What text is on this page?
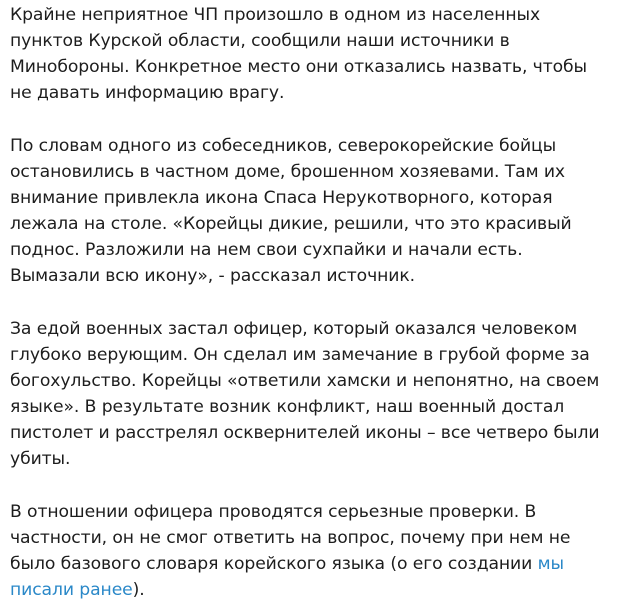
Крайне неприятное ЧП произошло в одном из населенных
пунктов Курской области, сообщили наши источники в
Минобороны. Конкретное место они отказались назвать, чтобы
не давать информацию врагу.
По словам одного из собеседников, северокорейские бойцы
остановились в частном доме, брошенном хозяевами. Там их
внимание привлекла икона Спаса Нерукотворного, которая
лежала на столе. «Корейцы дикие, решили, что это красивый
поднос. Разложили на нем свои сухпайки и начали есть.
Вымазали всю икону», - рассказал источник.
За едой военных застал офицер, который оказался человеком
глубоко верующим. Он сделал им замечание в грубой форме за
богохульство. Корейцы «ответили хамски и непонятно, на своем
языке». В результате возник конфликт, наш военный достал
пистолет и расстрелял осквернителей иконы – все четверо были
убиты.
В отношении офицера проводятся серьезные проверки. В
частности, он не смог ответить на вопрос, почему при нем не
было базового словаря корейского языка (о его создании мы
писали ранее).
